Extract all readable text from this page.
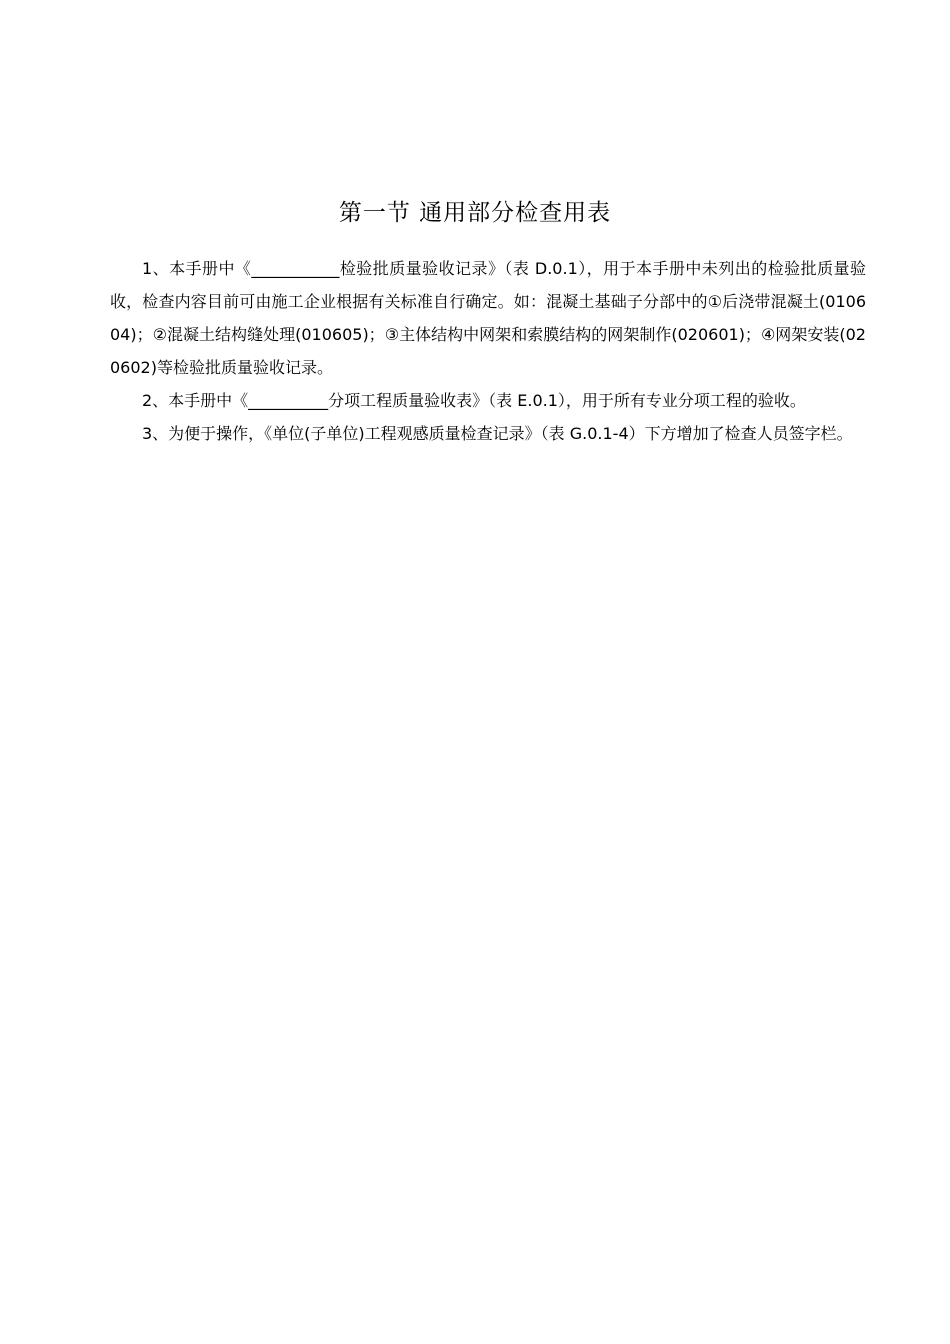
第一节 通用部分检查用表

1、本手册中《___________检验批质量验收记录》（表 D.0.1），用于本手册中未列出的检验批质量验收，检查内容目前可由施工企业根据有关标准自行确定。如：混凝土基础子分部中的①后浇带混凝土(010604)；②混凝土结构缝处理(010605)；③主体结构中网架和索膜结构的网架制作(020601)；④网架安装(020602)等检验批质量验收记录。

2、本手册中《__________分项工程质量验收表》（表 E.0.1），用于所有专业分项工程的验收。

3、为便于操作，《单位(子单位)工程观感质量检查记录》（表 G.0.1-4）下方增加了检查人员签字栏。
